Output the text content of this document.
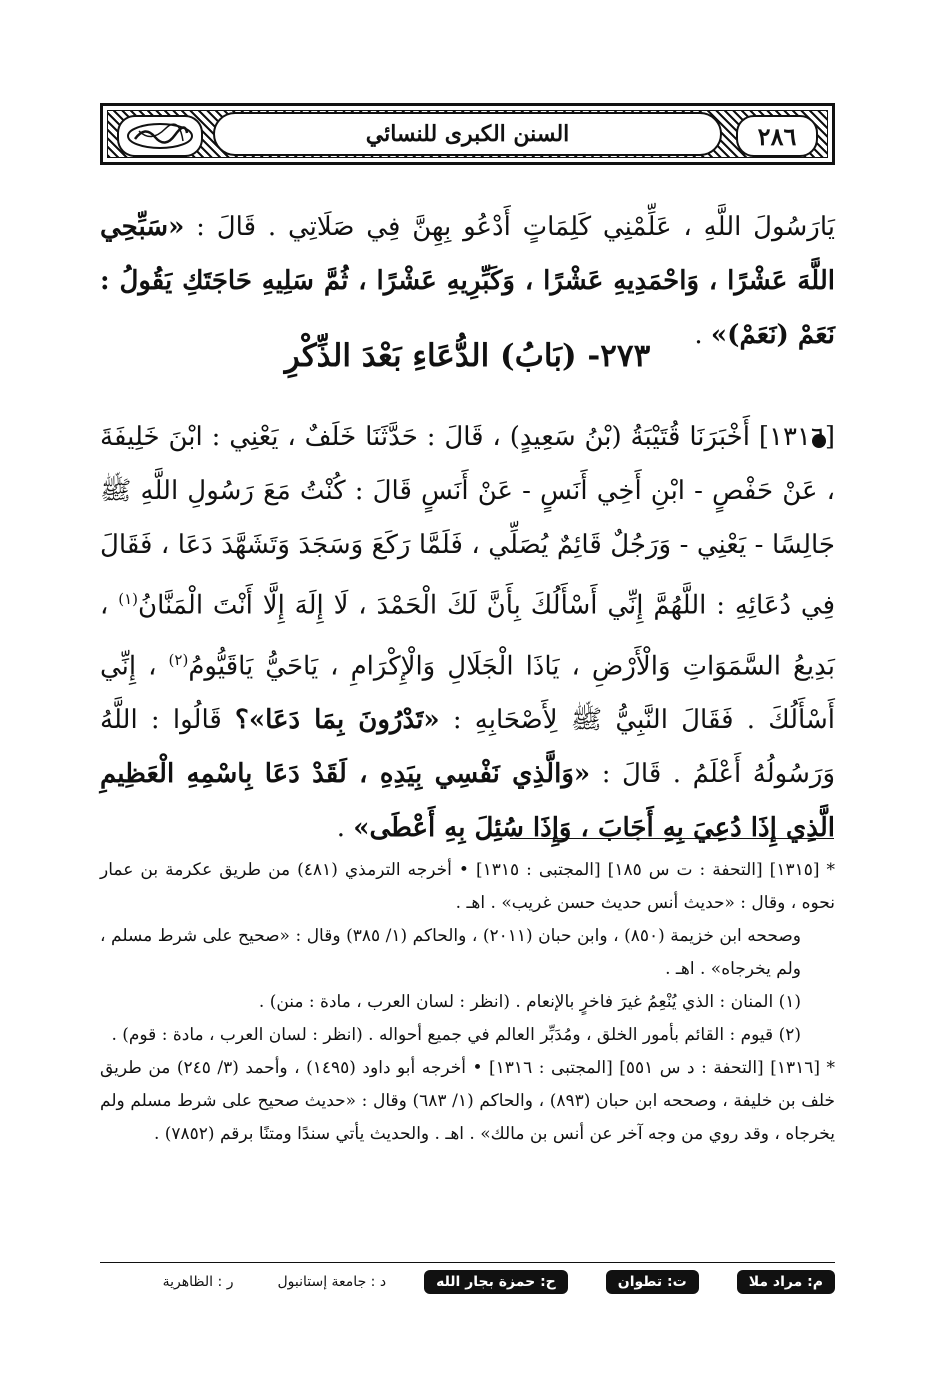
٢٨٦
السنن الكبرى للنسائي
يَارَسُولَ اللَّهِ ، عَلِّمْنِي كَلِمَاتٍ أَدْعُو بِهِنَّ فِي صَلَاتِي . قَالَ : «سَبِّحِي اللَّهَ عَشْرًا ، وَاحْمَدِيهِ عَشْرًا ، وَكَبِّرِيهِ عَشْرًا ، ثُمَّ سَلِيهِ حَاجَتَكِ يَقُولُ : نَعَمْ (نَعَمْ)» .
٢٧٣- (بَابُ) الدُّعَاءِ بَعْدَ الذِّكْرِ
[١٣١٦] أَخْبَرَنَا قُتَيْبَةُ (بْنُ سَعِيدٍ) ، قَالَ : حَدَّثَنَا خَلَفٌ ، يَعْنِي : ابْنَ خَلِيفَةَ ، عَنْ حَفْصٍ - ابْنِ أَخِي أَنَسٍ - عَنْ أَنَسٍ قَالَ : كُنْتُ مَعَ رَسُولِ اللَّهِ ﷺ جَالِسًا - يَعْنِي - وَرَجُلٌ قَائِمٌ يُصَلِّي ، فَلَمَّا رَكَعَ وَسَجَدَ وَتَشَهَّدَ دَعَا ، فَقَالَ فِي دُعَائِهِ : اللَّهُمَّ إِنِّي أَسْأَلُكَ بِأَنَّ لَكَ الْحَمْدَ ، لَا إِلَهَ إِلَّا أَنْتَ الْمَنَّانُ$^{(١)}$ ، بَدِيعُ السَّمَوَاتِ وَالْأَرْضِ ، يَاذَا الْجَلَالِ وَالْإِكْرَامِ ، يَاحَيُّ يَاقَيُّومُ$^{(٢)}$ ، إِنِّي أَسْأَلُكَ . فَقَالَ النَّبِيُّ ﷺ لِأَصْحَابِهِ : «تَدْرُونَ بِمَا دَعَا»؟ قَالُوا : اللَّهُ وَرَسُولُهُ أَعْلَمُ . قَالَ : «وَالَّذِي نَفْسِي بِيَدِهِ ، لَقَدْ دَعَا بِاسْمِهِ الْعَظِيمِ الَّذِي إِذَا دُعِيَ بِهِ أَجَابَ ، وَإِذَا سُئِلَ بِهِ أَعْطَى» .

* [١٣١٥] [التحفة : ت س ١٨٥] [المجتبى : ١٣١٥] • أخرجه الترمذي (٤٨١) من طريق عكرمة بن عمار نحوه ، وقال : «حديث أنس حديث حسن غريب» . اهـ .

وصححه ابن خزيمة (٨٥٠) ، وابن حبان (٢٠١١) ، والحاكم (١/ ٣٨٥) وقال : «صحيح على شرط مسلم ، ولم يخرجاه» . اهـ .

(١) المنان : الذي يُنْعِمُ غيرَ فاخرٍ بالإنعام . (انظر : لسان العرب ، مادة : منن) .

(٢) قيوم : القائم بأمور الخلق ، ومُدَبِّر العالم في جميع أحواله . (انظر : لسان العرب ، مادة : قوم) .

* [١٣١٦] [التحفة : د س ٥٥١] [المجتبى : ١٣١٦] • أخرجه أبو داود (١٤٩٥) ، وأحمد (٣/ ٢٤٥) من طريق خلف بن خليفة ، وصححه ابن حبان (٨٩٣) ، والحاكم (١/ ٦٨٣) وقال : «حديث صحيح على شرط مسلم ولم يخرجاه ، وقد روي من وجه آخر عن أنس بن مالك» . اهـ . والحديث يأتي سندًا ومتنًا برقم (٧٨٥٢) .

م: مراد ملا
ت: تطوان
ح: حمزة بجار الله
د : جامعة إستانبول
ر : الظاهرية
